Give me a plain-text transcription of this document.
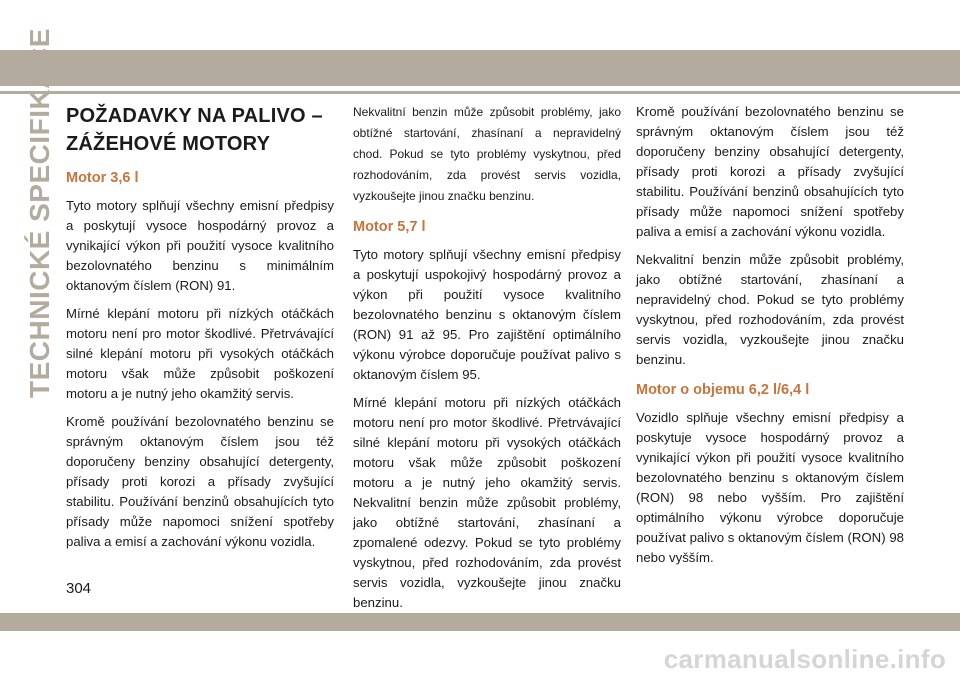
TECHNICKÉ SPECIFIKACE POŽADAVKY NA PALIVO –
ZÁŽEHOVÉ MOTORY
Motor 3,6 l

Tyto motory splňují všechny emisní předpisy a poskytují vysoce hospodárný provoz a vynikající výkon při použití vysoce kvalitního bezolovnatého benzinu s minimálním oktanovým číslem (RON) 91.

Mírné klepání motoru při nízkých otáčkách motoru není pro motor škodlivé. Přetrvávající silné klepání motoru při vysokých otáčkách motoru však může způsobit poškození motoru a je nutný jeho okamžitý servis.

Kromě používání bezolovnatého benzinu se správným oktanovým číslem jsou též doporučeny benziny obsahující detergenty, přísady proti korozi a přísady zvyšující stabilitu. Používání benzinů obsahujících tyto přísady může napomoci snížení spotřeby paliva a emisí a zachování výkonu vozidla.

Nekvalitní benzin může způsobit problémy, jako obtížné startování, zhasínaní a nepravidelný chod. Pokud se tyto problémy vyskytnou, před rozhodováním, zda provést servis vozidla, vyzkoušejte jinou značku benzinu.

Motor 5,7 l

Tyto motory splňují všechny emisní předpisy a poskytují uspokojivý hospodárný provoz a výkon při použití vysoce kvalitního bezolovnatého benzinu s oktanovým číslem (RON) 91 až 95. Pro zajištění optimálního výkonu výrobce doporučuje používat palivo s oktanovým číslem 95.

Mírné klepání motoru při nízkých otáčkách motoru není pro motor škodlivé. Přetrvávající silné klepání motoru při vysokých otáčkách motoru však může způsobit poškození motoru a je nutný jeho okamžitý servis. Nekvalitní benzin může způsobit problémy, jako obtížné startování, zhasínaní a zpomalené odezvy. Pokud se tyto problémy vyskytnou, před rozhodováním, zda provést servis vozidla, vyzkoušejte jinou značku benzinu.

Kromě používání bezolovnatého benzinu se správným oktanovým číslem jsou též doporučeny benziny obsahující detergenty, přísady proti korozi a přísady zvyšující stabilitu. Používání benzinů obsahujících tyto přísady může napomoci snížení spotřeby paliva a emisí a zachování výkonu vozidla.

Nekvalitní benzin může způsobit problémy, jako obtížné startování, zhasínaní a nepravidelný chod. Pokud se tyto problémy vyskytnou, před rozhodováním, zda provést servis vozidla, vyzkoušejte jinou značku benzinu.

Motor o objemu 6,2 l/6,4 l

Vozidlo splňuje všechny emisní předpisy a poskytuje vysoce hospodárný provoz a vynikající výkon při použití vysoce kvalitního bezolovnatého benzinu s oktanovým číslem (RON) 98 nebo vyšším. Pro zajištění optimálního výkonu výrobce doporučuje používat palivo s oktanovým číslem (RON) 98 nebo vyšším.

304
carmanualsonline.info
